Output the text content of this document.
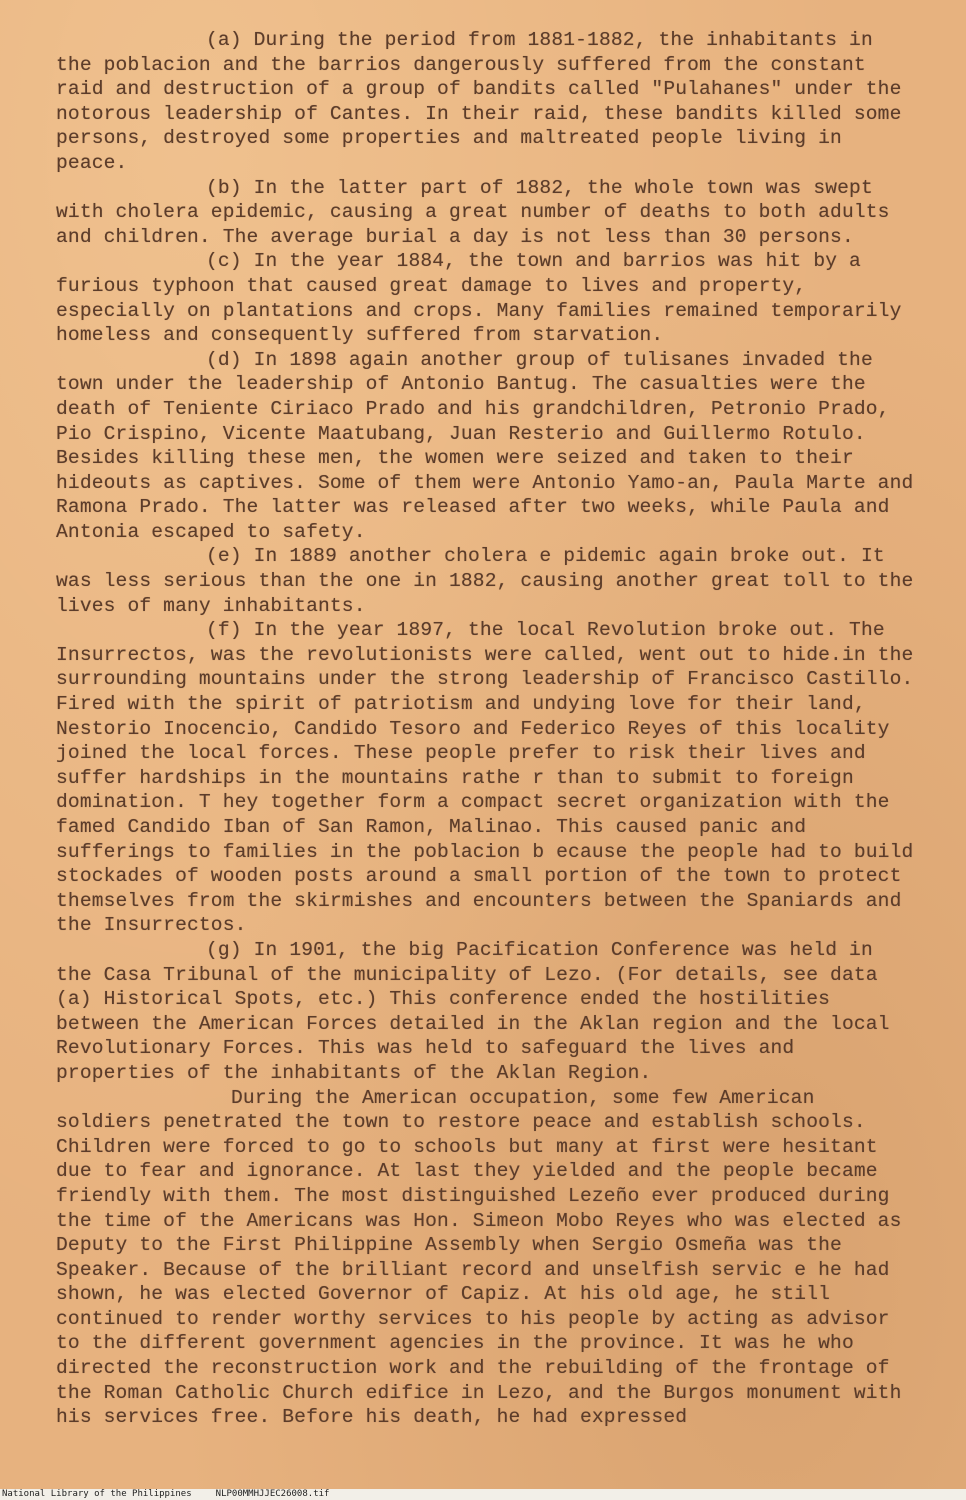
(a) During the period from 1881-1882, the inhabitants in the poblacion and the barrios dangerously suffered from the constant raid and destruction of a group of bandits called "Pulahanes" under the notorous leadership of Cantes. In their raid, these bandits killed some persons, destroyed some properties and maltreated people living in peace.

(b) In the latter part of 1882, the whole town was swept with cholera epidemic, causing a great number of deaths to both adults and children. The average burial a day is not less than 30 persons.

(c) In the year 1884, the town and barrios was hit by a furious typhoon that caused great damage to lives and property, especially on plantations and crops. Many families remained temporarily homeless and consequently suffered from starvation.

(d) In 1898 again another group of tulisanes invaded the town under the leadership of Antonio Bantug. The casualties were the death of Teniente Ciriaco Prado and his grandchildren, Petronio Prado, Pio Crispino, Vicente Maatubang, Juan Resterio and Guillermo Rotulo. Besides killing these men, the women were seized and taken to their hideouts as captives. Some of them were Antonio Yamo-an, Paula Marte and Ramona Prado. The latter was released after two weeks, while Paula and Antonia escaped to safety.

(e) In 1889 another cholera e pidemic again broke out. It was less serious than the one in 1882, causing another great toll to the lives of many inhabitants.

(f) In the year 1897, the local Revolution broke out. The Insurrectos, was the revolutionists were called, went out to hide.in the surrounding mountains under the strong leadership of Francisco Castillo. Fired with the spirit of patriotism and undying love for their land, Nestorio Inocencio, Candido Tesoro and Federico Reyes of this locality joined the local forces. These people prefer to risk their lives and suffer hardships in the mountains rathe r than to submit to foreign domination. T hey together form a compact secret organization with the famed Candido Iban of San Ramon, Malinao. This caused panic and sufferings to families in the poblacion b ecause the people had to build stockades of wooden posts around a small portion of the town to protect themselves from the skirmishes and encounters between the Spaniards and the Insurrectos.

(g) In 1901, the big Pacification Conference was held in the Casa Tribunal of the municipality of Lezo. (For details, see data (a) Historical Spots, etc.) This conference ended the hostilities between the American Forces detailed in the Aklan region and the local Revolutionary Forces. This was held to safeguard the lives and properties of the inhabitants of the Aklan Region.

During the American occupation, some few American soldiers penetrated the town to restore peace and establish schools. Children were forced to go to schools but many at first were hesitant due to fear and ignorance. At last they yielded and the people became friendly with them. The most distinguished Lezeño ever produced during the time of the Americans was Hon. Simeon Mobo Reyes who was elected as Deputy to the First Philippine Assembly when Sergio Osmeña was the Speaker. Because of the brilliant record and unselfish servic e he had shown, he was elected Governor of Capiz. At his old age, he still continued to render worthy services to his people by acting as advisor to the different government agencies in the province. It was he who directed the reconstruction work and the rebuilding of the frontage of the Roman Catholic Church edifice in Lezo, and the Burgos monument with his services free. Before his death, he had expressed

National Library of the Philippines	NLP00MMHJJEC26008.tif
